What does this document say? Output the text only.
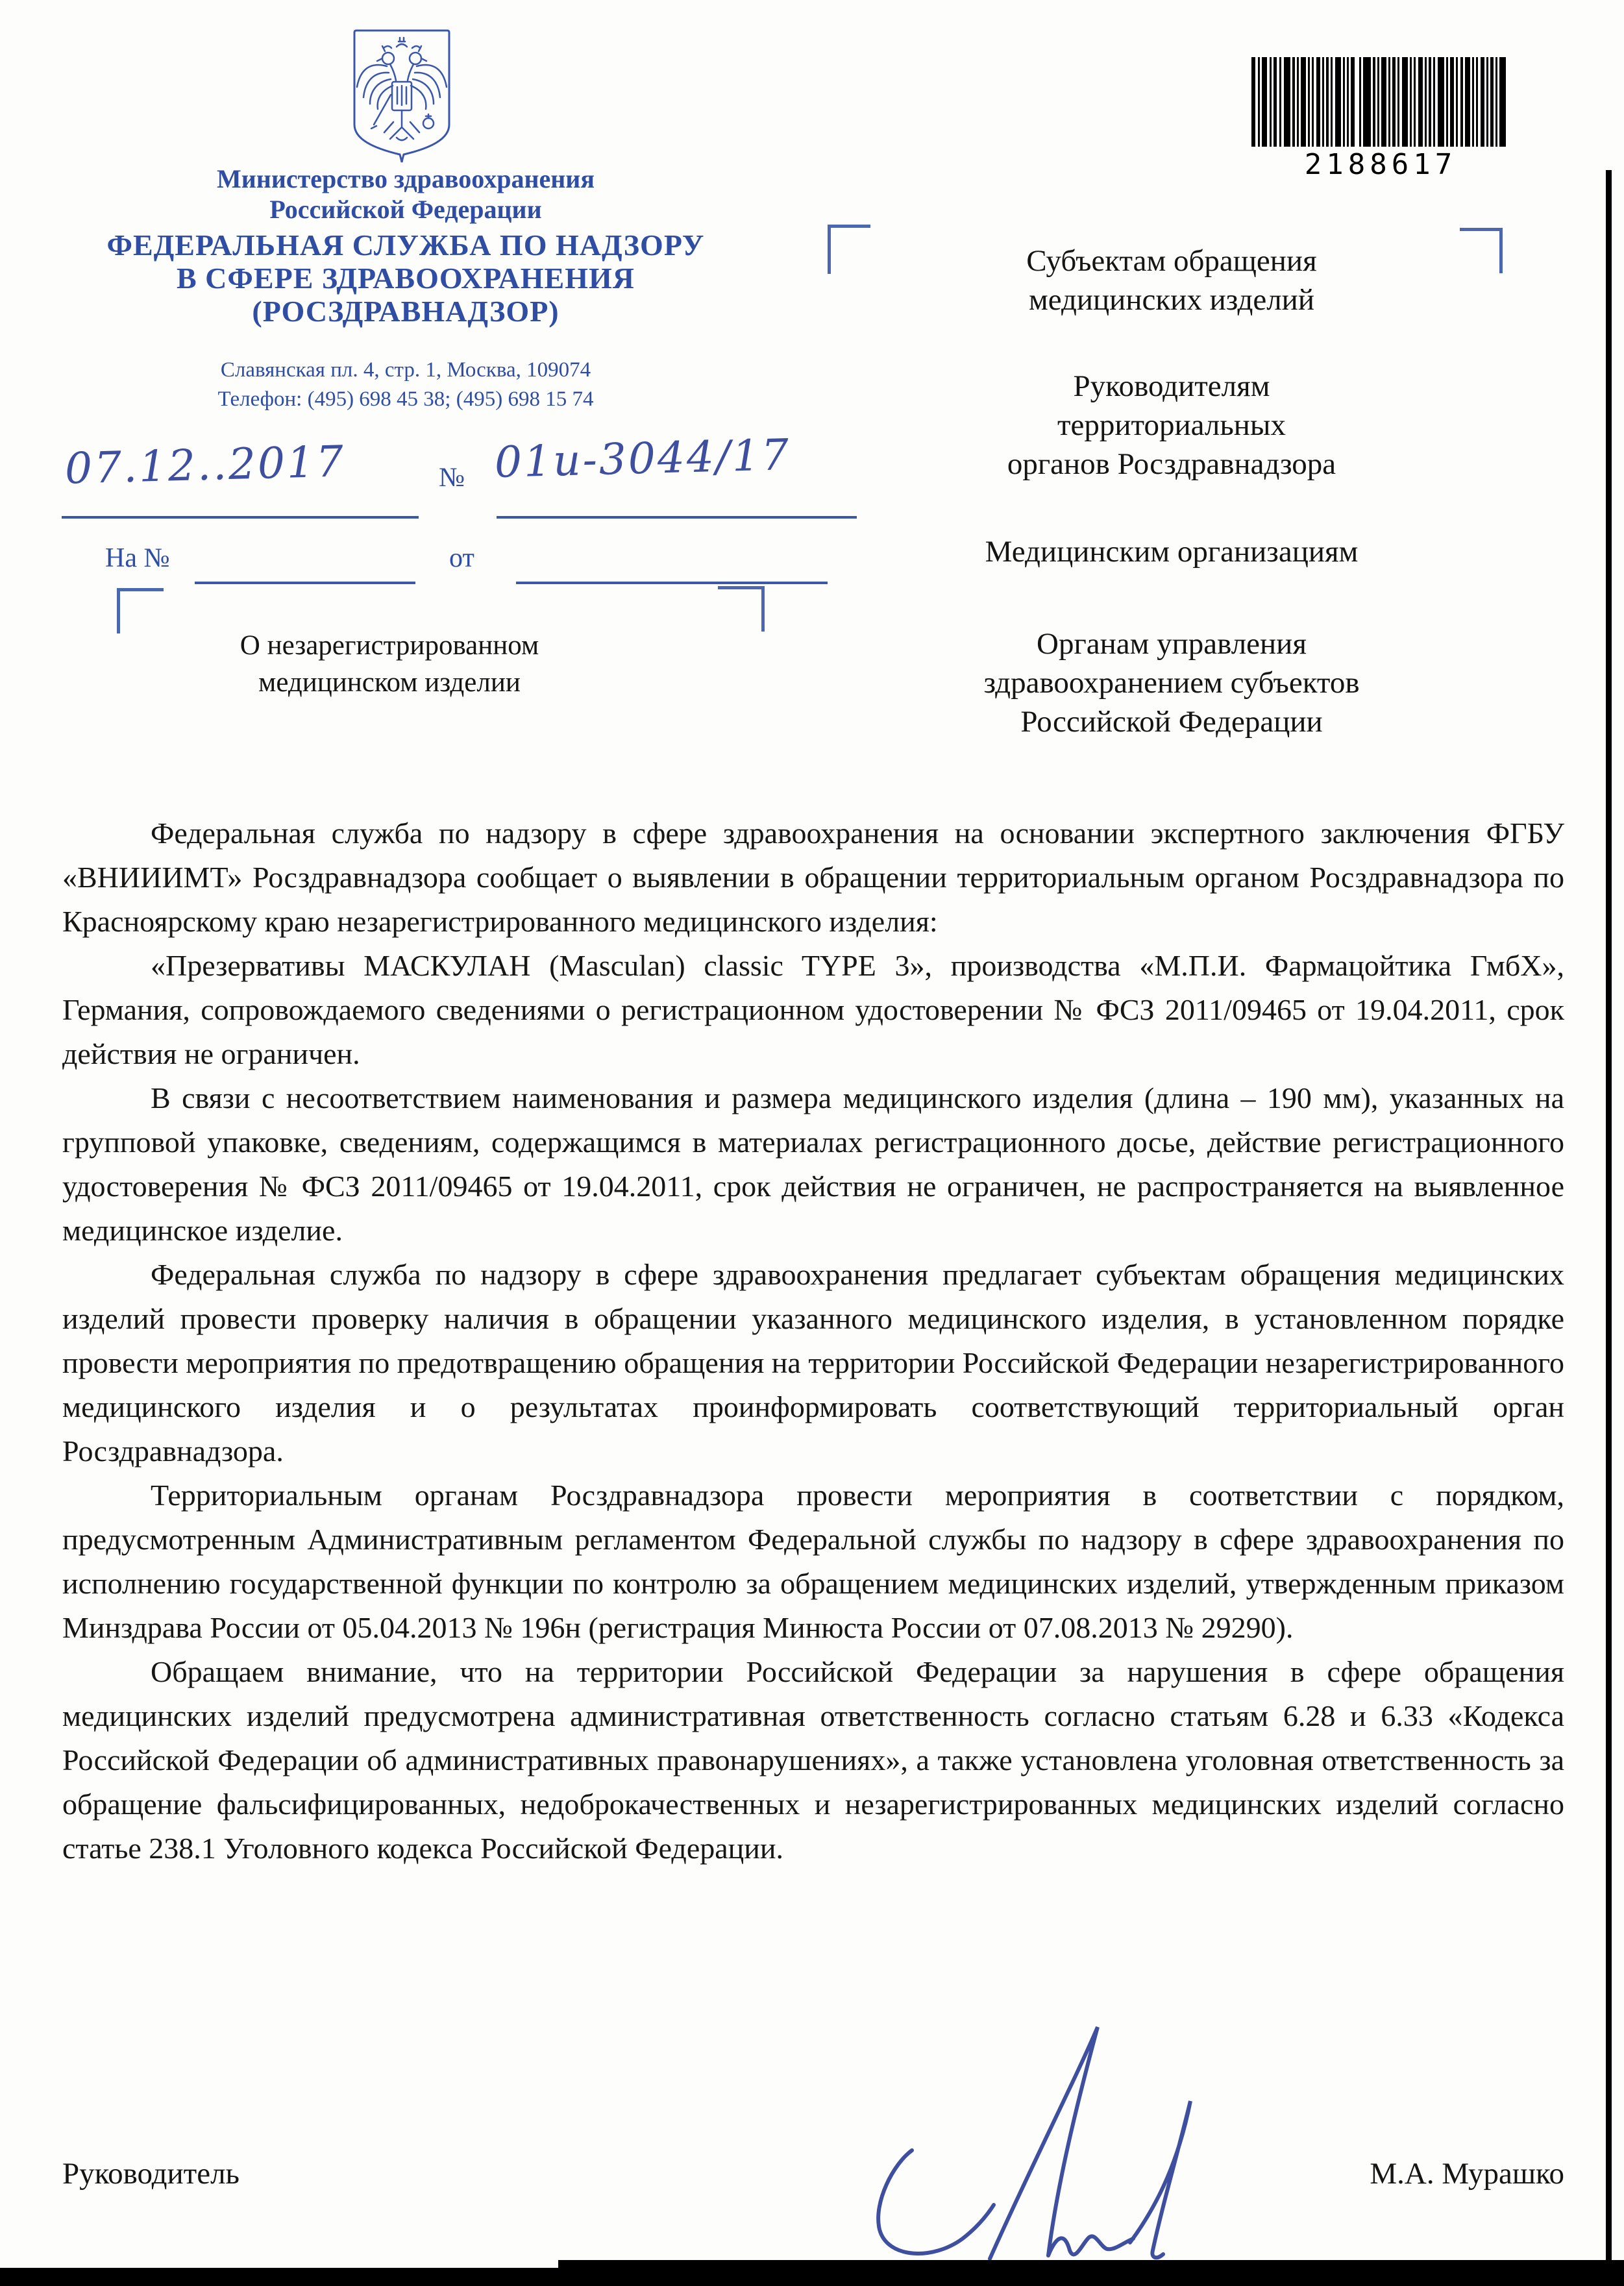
Министерство здравоохранения
Российской Федерации
ФЕДЕРАЛЬНАЯ СЛУЖБА ПО НАДЗОРУ
В СФЕРЕ ЗДРАВООХРАНЕНИЯ
(РОСЗДРАВНАДЗОР)
Славянская пл. 4, стр. 1, Москва, 109074
Телефон: (495) 698 45 38; (495) 698 15 74
2188617
07.12..2017	№ 01и-3044/17
На №	от
О незарегистрированном
медицинском изделии
Субъектам обращения
медицинских изделий
Руководителям
территориальных
органов Росздравнадзора
Медицинским организациям
Органам управления
здравоохранением субъектов
Российской Федерации

Федеральная служба по надзору в сфере здравоохранения на основании экспертного заключения ФГБУ «ВНИИИМТ» Росздравнадзора сообщает о выявлении в обращении территориальным органом Росздравнадзора по Красноярскому краю незарегистрированного медицинского изделия:

«Презервативы МАСКУЛАН (Masculan) classic TYPE 3», производства «М.П.И. Фармацойтика ГмбХ», Германия, сопровождаемого сведениями о регистрационном удостоверении № ФСЗ 2011/09465 от 19.04.2011, срок действия не ограничен.

В связи с несоответствием наименования и размера медицинского изделия (длина – 190 мм), указанных на групповой упаковке, сведениям, содержащимся в материалах регистрационного досье, действие регистрационного удостоверения № ФСЗ 2011/09465 от 19.04.2011, срок действия не ограничен, не распространяется на выявленное медицинское изделие.

Федеральная служба по надзору в сфере здравоохранения предлагает субъектам обращения медицинских изделий провести проверку наличия в обращении указанного медицинского изделия, в установленном порядке провести мероприятия по предотвращению обращения на территории Российской Федерации незарегистрированного медицинского изделия и о результатах проинформировать соответствующий территориальный орган Росздравнадзора.

Территориальным органам Росздравнадзора провести мероприятия в соответствии с порядком, предусмотренным Административным регламентом Федеральной службы по надзору в сфере здравоохранения по исполнению государственной функции по контролю за обращением медицинских изделий, утвержденным приказом Минздрава России от 05.04.2013 № 196н (регистрация Минюста России от 07.08.2013 № 29290).

Обращаем внимание, что на территории Российской Федерации за нарушения в сфере обращения медицинских изделий предусмотрена административная ответственность согласно статьям 6.28 и 6.33 «Кодекса Российской Федерации об административных правонарушениях», а также установлена уголовная ответственность за обращение фальсифицированных, недоброкачественных и незарегистрированных медицинских изделий согласно статье 238.1 Уголовного кодекса Российской Федерации.

Руководитель	М.А. Мурашко
